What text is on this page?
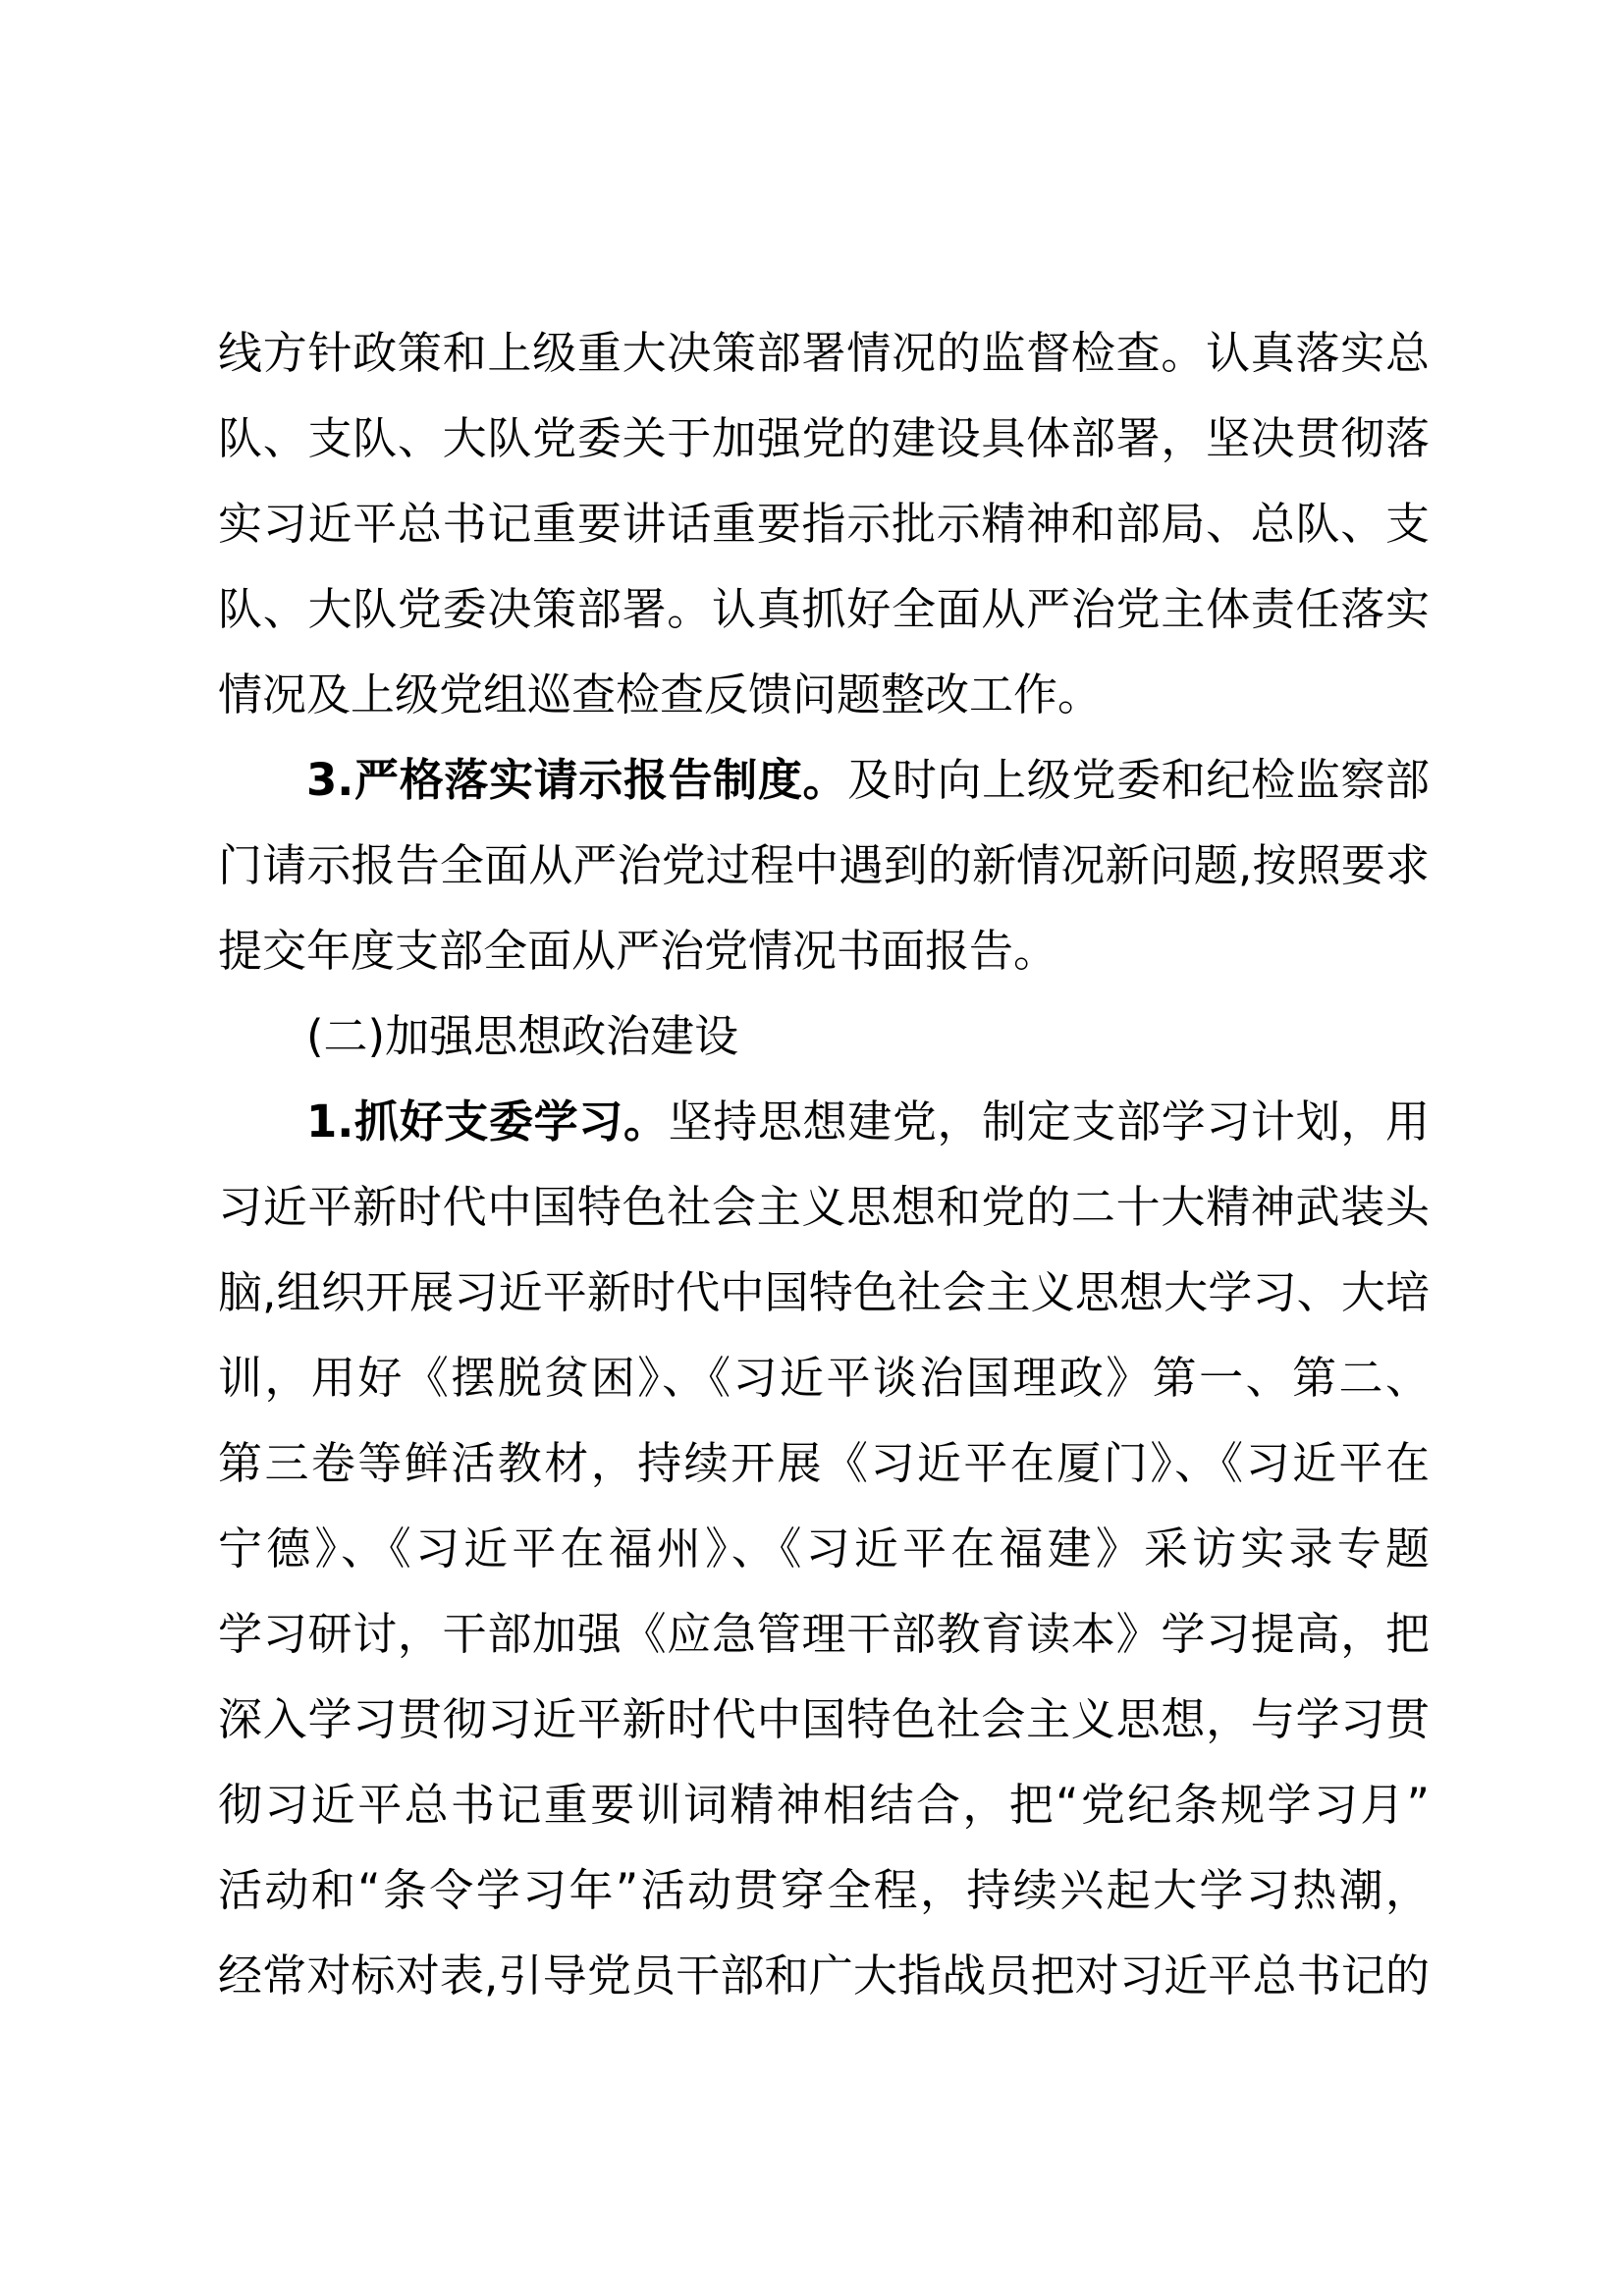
线方针政策和上级重大决策部署情况的监督检查。认真落实总
队、支队、大队党委关于加强党的建设具体部署，坚决贯彻落
实习近平总书记重要讲话重要指示批示精神和部局、总队、支
队、大队党委决策部署。认真抓好全面从严治党主体责任落实
情况及上级党组巡查检查反馈问题整改工作。
3.严格落实请示报告制度。及时向上级党委和纪检监察部
门请示报告全面从严治党过程中遇到的新情况新问题,按照要求
提交年度支部全面从严治党情况书面报告。
(二)加强思想政治建设
1.抓好支委学习。坚持思想建党，制定支部学习计划，用
习近平新时代中国特色社会主义思想和党的二十大精神武装头
脑,组织开展习近平新时代中国特色社会主义思想大学习、大培
训，用好《摆脱贫困》、《习近平谈治国理政》第一、第二、
第三卷等鲜活教材，持续开展《习近平在厦门》、《习近平在
宁德》、《习近平在福州》、《习近平在福建》采访实录专题
学习研讨，干部加强《应急管理干部教育读本》学习提高，把
深入学习贯彻习近平新时代中国特色社会主义思想，与学习贯
彻习近平总书记重要训词精神相结合，把“党纪条规学习月”
活动和“条令学习年”活动贯穿全程，持续兴起大学习热潮，
经常对标对表,引导党员干部和广大指战员把对习近平总书记的
